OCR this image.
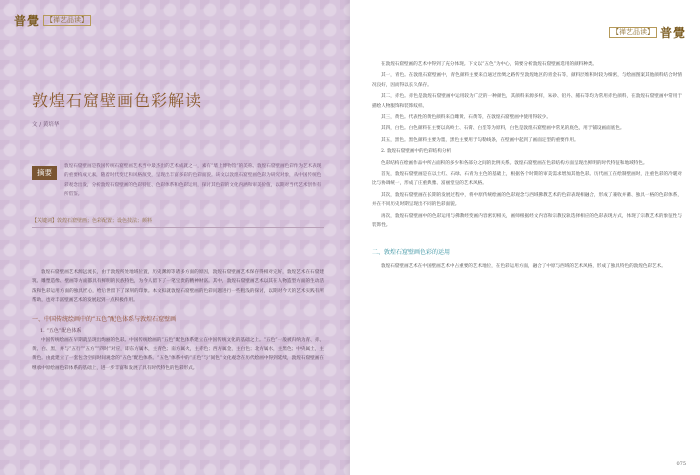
普覺 【禅艺品读】
敦煌石窟壁画色彩解读
文 / 黄培华
摘要
敦煌石窟壁画是我国传统石窟壁画艺术当中最杰出的艺术成就之一，素有“墙上博物馆”的美称。敦煌石窟壁画色彩作为艺术表现的重要构成元素，随着时代变迁和风格演变，呈现出丰富多彩的色彩面貌。该文以敦煌石窟壁画色彩为研究对象，从中国传统色彩观念出发，分析敦煌石窟壁画的色彩特征、色彩体系和色彩运用，探讨其色彩的文化内涵和审美价值，以期对当代艺术创作有所借鉴。
【关键词】敦煌石窟壁画；色彩配置；设色技法；颜料

敦煌石窟壁画艺术源远流长，由于敦煌所处地域位置，历史渊源等诸多方面的原因，敦煌石窟壁画艺术保存得相对完好，敦煌艺术在石窟建筑、雕塑造像、壁画等方面都具有鲜明的民族特色，为今人留下了一笔宝贵的精神财富。其中，敦煌石窟壁画艺术以其在人物造型方面的生动活泼和色彩运用方面的独具匠心，给后世留下了深刻的印象。本文拟就敦煌石窟壁画的色彩问题进行一些粗浅的探讨，以期对今天的艺术实践有所帮助，也对丰富壁画艺术的发展起到一点积极作用。

一、中国传统绘画中的“五色”配色体系与敦煌石窟壁画
1. “五色”配色体系

中国传统绘画在早期就呈现出绚丽的色彩。中国传统绘画的“五色”配色体系建立在中国传统文化的基础之上。“五色”一般被归纳为青、赤、黄、白、黑，并与“五行”“五方”“四时”对应，即东方属木，主青色；南方属火，主赤色；西方属金，主白色；北方属水，主黑色；中央属土，主黄色。由此建立了一套包含空间时间观念的“五色”配色体系。“五色”体系中的“正色”与“间色”文化观念在历代绘画中得到延续，敦煌石窟壁画在继承中原绘画色彩体系的基础上，进一步丰富和发展了具有时代特色的色彩形式。

【禅艺品读】 普覺

在敦煌石窟壁画的艺术中得到了充分体现。下文以“五色”为中心，简要分析敦煌石窟壁画选用的颜料种类。

其一，青色。在敦煌石窟壁画中，青色颜料主要来自通过丝绸之路传至敦煌地区的青金石等，颜料层堆积时较为细密，与绘画图案其他颜料结合时情况良好，因而得以长久保存。

其二，赤色。赤色是敦煌石窟壁画中运用较为广泛的一种颜色，其颜料来源多样，朱砂、铅丹、赭石等均为常用赤色颜料，在敦煌石窟壁画中常用于描绘人物服饰和装饰纹样。

其三，黄色。代表性的黄色颜料来自雌黄、石黄等，在敦煌石窟壁画中使用得较少。

其四，白色。白色颜料在主要以高岭土、石膏、白垩等为原料，白色是敦煌石窟壁画中常见的底色，用于铺设画面底色。

其五，黑色。黑色颜料主要为墨，黑色主要用于勾勒线条，在壁画中起到了画面定型的重要作用。

2. 敦煌石窟壁画中的色彩结构分析

色彩结构在绘画作品中所占面积的多少和各部分之间的比例关系。敦煌石窟壁画在色彩结构方面呈现出鲜明的时代特征和地域特色。

首先，敦煌石窟壁画是在以土红、石绿、石青为主色的基础上，根据各个时期的审美需求增加其他色彩。历代画工在绘制壁画时，注重色彩的冷暖对比与协调统一，形成了庄重典雅、富丽堂皇的艺术风格。

其次，敦煌石窟壁画在长期的发展过程中，将中原传统绘画的色彩观念与西域佛教艺术的色彩表现相融合，形成了兼收并蓄、独具一格的色彩体系，并在不同历史时期呈现出不同的色彩面貌。

再次，敦煌石窟壁画中的色彩运用与佛教经变画内容密切相关，画师根据经文内容和宗教仪轨选择相应的色彩表现方式，体现了宗教艺术的象征性与装饰性。

二、敦煌石窟壁画色彩的运用

敦煌石窟壁画艺术在中国壁画艺术中占重要的艺术地位，在色彩运用方面，融合了中原与西域的艺术风格，形成了独具特色的敦煌色彩艺术。

075
